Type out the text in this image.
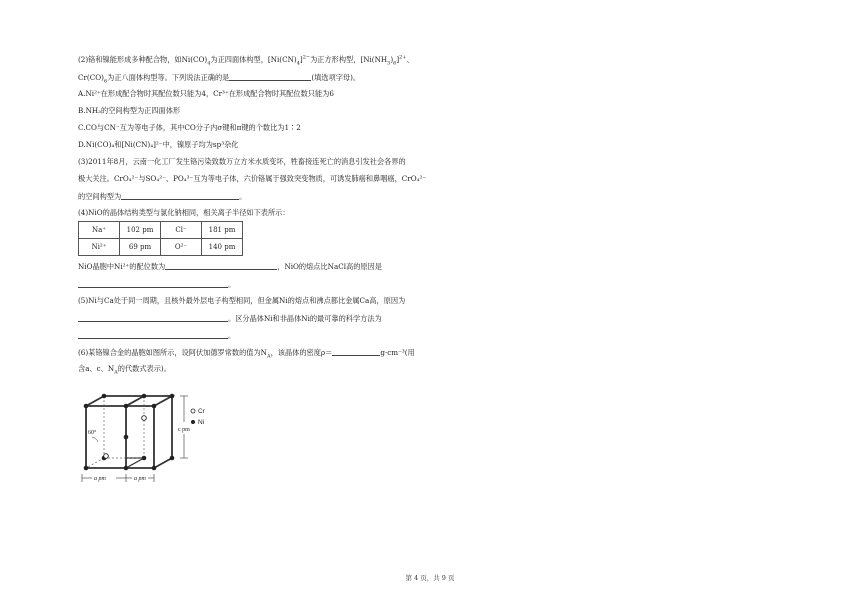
(2)铬和镍能形成多种配合物，如$Ni(CO)_4$为正四面体构型，$[Ni(CN)_4]^{2-}$为正方形构型，$[Ni(NH_3)_6]^{2+}$、
$Cr(CO)_6$为正八面体构型等。下列说法正确的是	(填选项字母)。
A.Ni²⁺在形成配合物时其配位数只能为4，Cr³⁺在形成配合物时其配位数只能为6
B.NH₃的空间构型为正四面体形
C.CO与CN⁻互为等电子体，其中CO分子内σ键和π键的个数比为1∶2
D.Ni(CO)₄和[Ni(CN)₄]²⁻中，镍原子均为sp³杂化
(3)2011年8月，云南一化工厂发生铬污染致数万立方米水质变坏，牲畜接连死亡的消息引发社会各界的
极大关注。CrO₄²⁻与SO₄²⁻、PO₄³⁻互为等电子体，六价铬属于强致突变物质，可诱发肺癌和鼻咽癌，CrO₄²⁻
的空间构型为	。
(4)NiO的晶体结构类型与氯化钠相同，相关离子半径如下表所示：
Na⁺	102 pm	Cl⁻	181 pm
Ni²⁺	69 pm	O²⁻	140 pm
NiO晶胞中Ni²⁺的配位数为	，NiO的熔点比NaCl高的原因是
。
(5)Ni与Ca处于同一周期，且核外最外层电子构型相同，但金属Ni的熔点和沸点都比金属Ca高，原因为
。区分晶体Ni和非晶体Ni的最可靠的科学方法为
。
(6)某铬镍合金的晶胞如图所示，设阿伏加德罗常数的值为$N_A$，该晶体的密度ρ＝	g·cm⁻³(用
含a、c、$N_A$的代数式表示)。
60°	c pm
a pm	a pm
Cr
Ni
第 4 页，共 9 页
